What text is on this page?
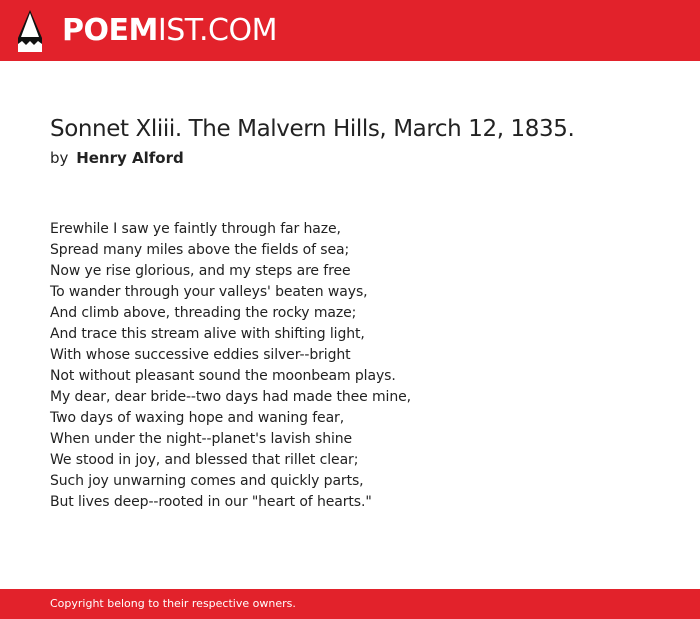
POEMIST.COM
Sonnet Xliii. The Malvern Hills, March 12, 1835.
by Henry Alford
Erewhile I saw ye faintly through far haze,
Spread many miles above the fields of sea;
Now ye rise glorious, and my steps are free
To wander through your valleys' beaten ways,
And climb above, threading the rocky maze;
And trace this stream alive with shifting light,
With whose successive eddies silver--bright
Not without pleasant sound the moonbeam plays.
My dear, dear bride--two days had made thee mine,
Two days of waxing hope and waning fear,
When under the night--planet's lavish shine
We stood in joy, and blessed that rillet clear;
Such joy unwarning comes and quickly parts,
But lives deep--rooted in our "heart of hearts."
Copyright belong to their respective owners.
